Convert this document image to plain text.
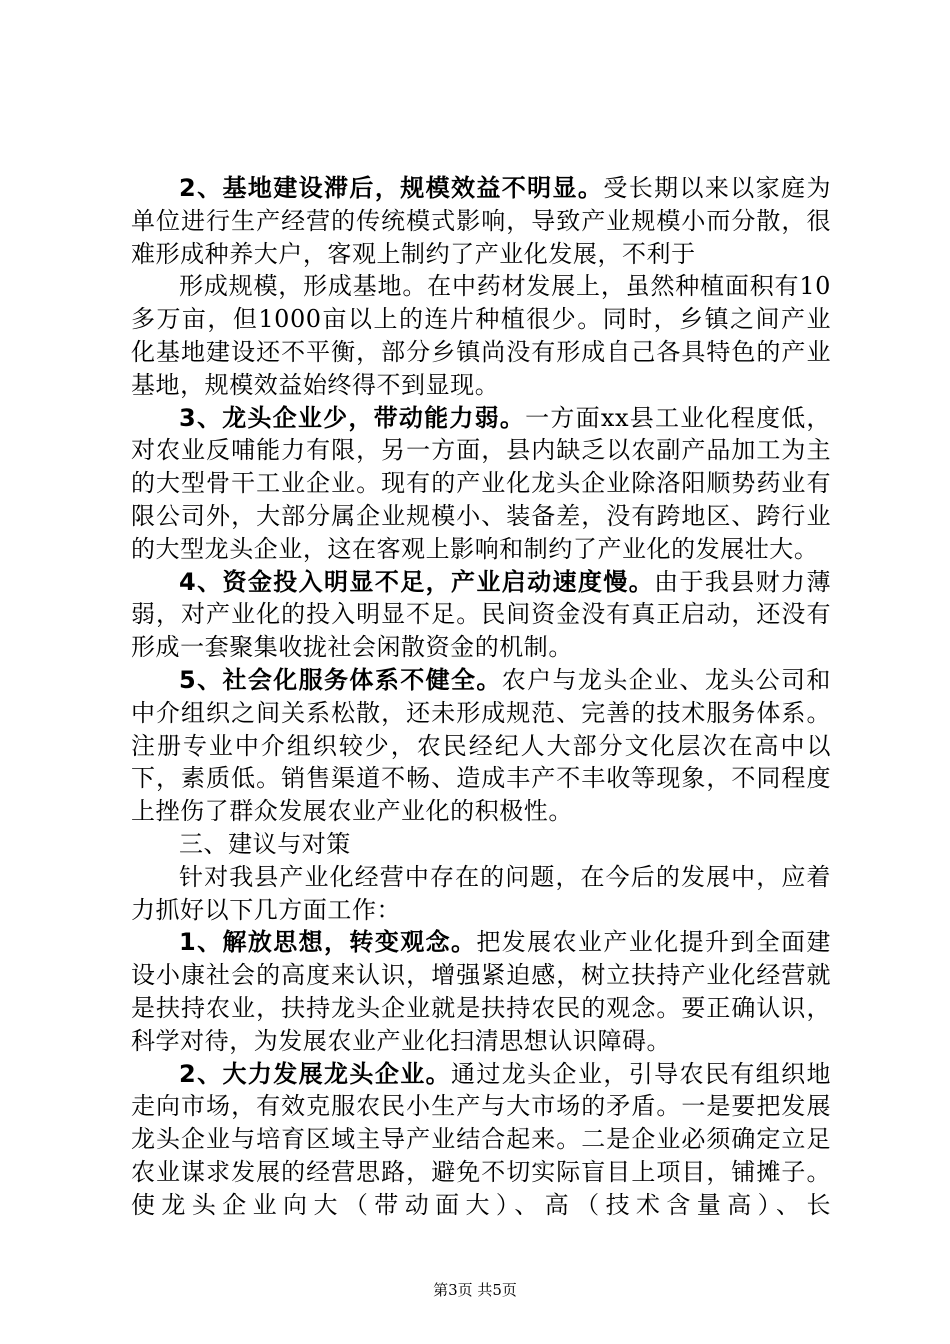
2、基地建设滞后，规模效益不明显。受长期以来以家庭为单位进行生产经营的传统模式影响，导致产业规模小而分散，很难形成种养大户，客观上制约了产业化发展，不利于

形成规模，形成基地。在中药材发展上，虽然种植面积有10多万亩，但1000亩以上的连片种植很少。同时，乡镇之间产业化基地建设还不平衡，部分乡镇尚没有形成自己各具特色的产业基地，规模效益始终得不到显现。

3、龙头企业少，带动能力弱。一方面xx县工业化程度低，对农业反哺能力有限，另一方面，县内缺乏以农副产品加工为主的大型骨干工业企业。现有的产业化龙头企业除洛阳顺势药业有限公司外，大部分属企业规模小、装备差，没有跨地区、跨行业的大型龙头企业，这在客观上影响和制约了产业化的发展壮大。

4、资金投入明显不足，产业启动速度慢。由于我县财力薄弱，对产业化的投入明显不足。民间资金没有真正启动，还没有形成一套聚集收拢社会闲散资金的机制。

5、社会化服务体系不健全。农户与龙头企业、龙头公司和中介组织之间关系松散，还未形成规范、完善的技术服务体系。注册专业中介组织较少，农民经纪人大部分文化层次在高中以下，素质低。销售渠道不畅、造成丰产不丰收等现象，不同程度上挫伤了群众发展农业产业化的积极性。

三、建议与对策

针对我县产业化经营中存在的问题，在今后的发展中，应着力抓好以下几方面工作：

1、解放思想，转变观念。把发展农业产业化提升到全面建设小康社会的高度来认识，增强紧迫感，树立扶持产业化经营就是扶持农业，扶持龙头企业就是扶持农民的观念。要正确认识，科学对待，为发展农业产业化扫清思想认识障碍。

2、大力发展龙头企业。通过龙头企业，引导农民有组织地走向市场，有效克服农民小生产与大市场的矛盾。一是要把发展龙头企业与培育区域主导产业结合起来。二是企业必须确定立足农业谋求发展的经营思路，避免不切实际盲目上项目，铺摊子。使龙头企业向大（带动面大）、高（技术含量高）、长

第3页 共5页
